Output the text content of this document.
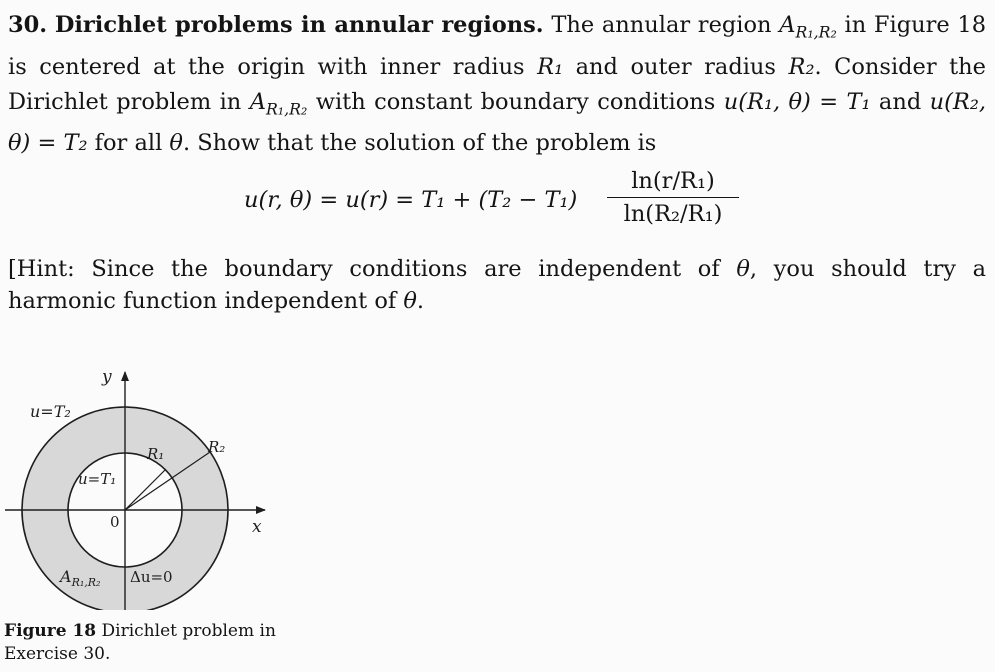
30. Dirichlet problems in annular regions. The annular region $A_{R_1,R_2}$ in Figure 18 is centered at the origin with inner radius R₁ and outer radius R₂. Consider the Dirichlet problem in $A_{R_1,R_2}$ with constant boundary conditions u(R₁, θ) = T₁ and u(R₂, θ) = T₂ for all θ. Show that the solution of the problem is
u(r, θ) = u(r) = T₁ + (T₂ − T₁)
ln(r/R₁)
ln(R₂/R₁)
[Hint: Since the boundary conditions are independent of θ, you should try a harmonic function independent of θ.
y
x
0
u=T₂
u=T₁
R₁	R₂
$A_{R_1,R_2}$ Δu=0
Figure 18 Dirichlet problem in Exercise 30.
